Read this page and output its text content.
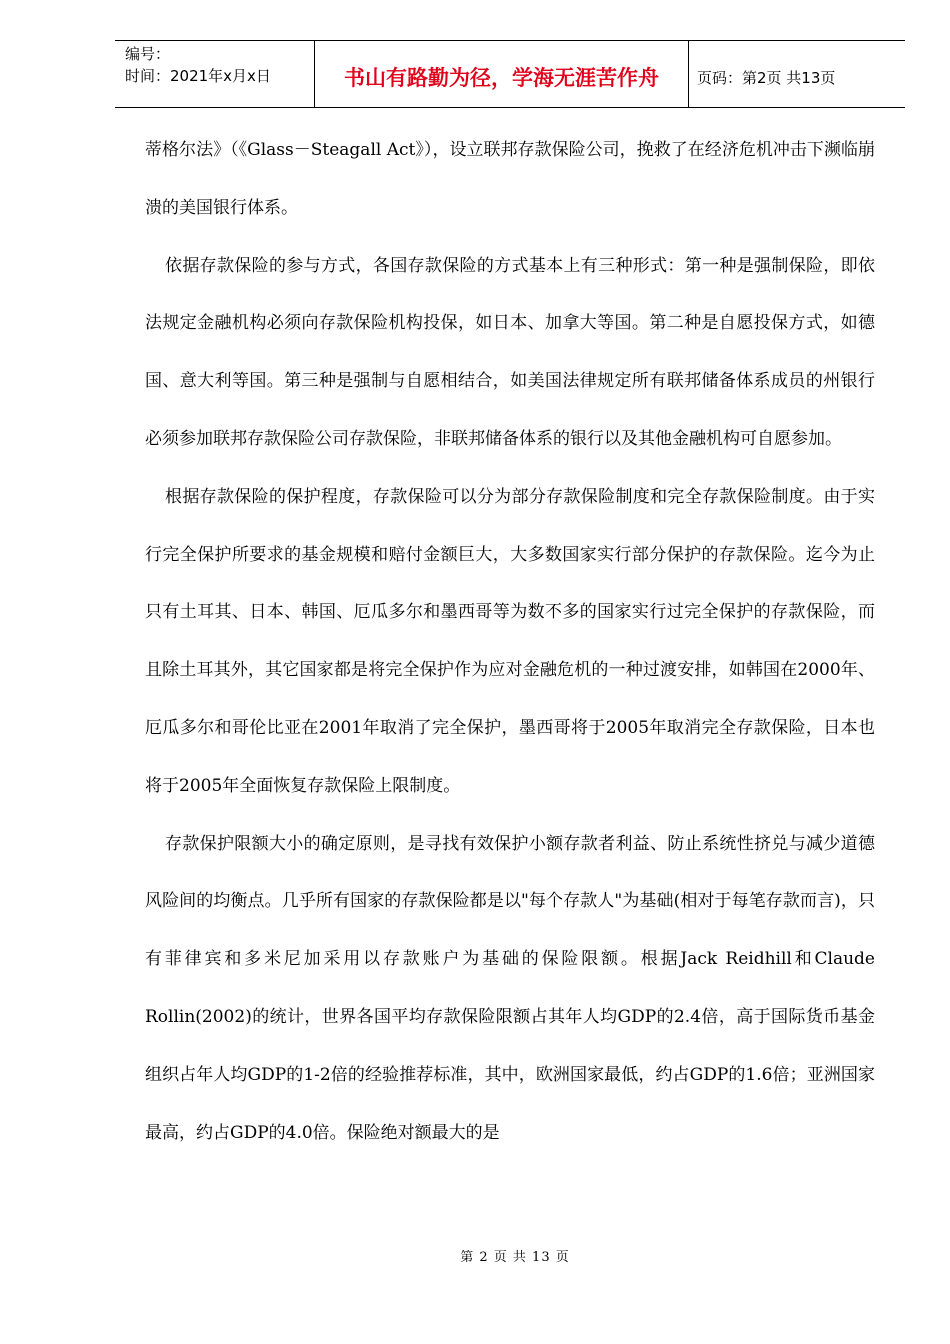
编号：
时间：2021年x月x日	书山有路勤为径，学海无涯苦作舟	页码：第2页 共13页

蒂格尔法》（《Glass－Steagall Act》），设立联邦存款保险公司，挽救了在经济危机冲击下濒临崩溃的美国银行体系。

依据存款保险的参与方式，各国存款保险的方式基本上有三种形式：第一种是强制保险，即依法规定金融机构必须向存款保险机构投保，如日本、加拿大等国。第二种是自愿投保方式，如德国、意大利等国。第三种是强制与自愿相结合，如美国法律规定所有联邦储备体系成员的州银行必须参加联邦存款保险公司存款保险，非联邦储备体系的银行以及其他金融机构可自愿参加。

根据存款保险的保护程度，存款保险可以分为部分存款保险制度和完全存款保险制度。由于实行完全保护所要求的基金规模和赔付金额巨大，大多数国家实行部分保护的存款保险。迄今为止只有土耳其、日本、韩国、厄瓜多尔和墨西哥等为数不多的国家实行过完全保护的存款保险，而且除土耳其外，其它国家都是将完全保护作为应对金融危机的一种过渡安排，如韩国在2000年、厄瓜多尔和哥伦比亚在2001年取消了完全保护，墨西哥将于2005年取消完全存款保险，日本也将于2005年全面恢复存款保险上限制度。

存款保护限额大小的确定原则，是寻找有效保护小额存款者利益、防止系统性挤兑与减少道德风险间的均衡点。几乎所有国家的存款保险都是以"每个存款人"为基础(相对于每笔存款而言)，只有菲律宾和多米尼加采用以存款账户为基础的保险限额。根据Jack Reidhill和Claude Rollin(2002)的统计，世界各国平均存款保险限额占其年人均GDP的2.4倍，高于国际货币基金组织占年人均GDP的1-2倍的经验推荐标准，其中，欧洲国家最低，约占GDP的1.6倍；亚洲国家最高，约占GDP的4.0倍。保险绝对额最大的是

第 2 页 共 13 页
